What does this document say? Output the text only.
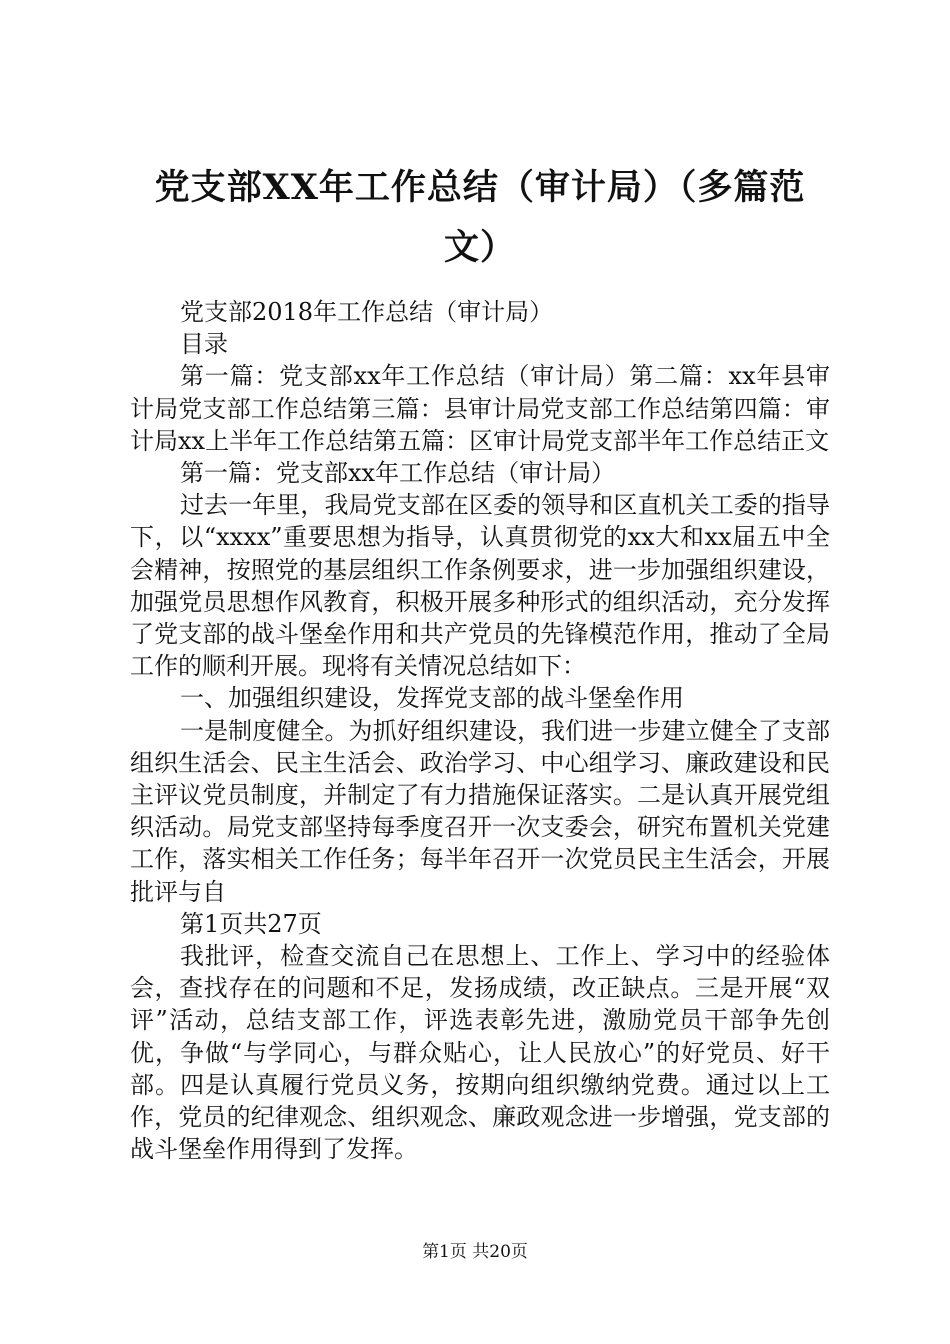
党支部XX年工作总结（审计局）（多篇范文）

党支部2018年工作总结（审计局）

目录

第一篇：党支部xx年工作总结（审计局）第二篇：xx年县审计局党支部工作总结第三篇：县审计局党支部工作总结第四篇：审计局xx上半年工作总结第五篇：区审计局党支部半年工作总结正文

第一篇：党支部xx年工作总结（审计局）

过去一年里，我局党支部在区委的领导和区直机关工委的指导下，以“xxxx”重要思想为指导，认真贯彻党的xx大和xx届五中全会精神，按照党的基层组织工作条例要求，进一步加强组织建设，加强党员思想作风教育，积极开展多种形式的组织活动，充分发挥了党支部的战斗堡垒作用和共产党员的先锋模范作用，推动了全局工作的顺利开展。现将有关情况总结如下：

一、加强组织建设，发挥党支部的战斗堡垒作用

一是制度健全。为抓好组织建设，我们进一步建立健全了支部组织生活会、民主生活会、政治学习、中心组学习、廉政建设和民主评议党员制度，并制定了有力措施保证落实。二是认真开展党组织活动。局党支部坚持每季度召开一次支委会，研究布置机关党建工作，落实相关工作任务；每半年召开一次党员民主生活会，开展批评与自

第1页共27页

我批评，检查交流自己在思想上、工作上、学习中的经验体会，查找存在的问题和不足，发扬成绩，改正缺点。三是开展“双评”活动，总结支部工作，评选表彰先进，激励党员干部争先创优，争做“与学同心，与群众贴心，让人民放心”的好党员、好干部。四是认真履行党员义务，按期向组织缴纳党费。通过以上工作，党员的纪律观念、组织观念、廉政观念进一步增强，党支部的战斗堡垒作用得到了发挥。

第1页 共20页
